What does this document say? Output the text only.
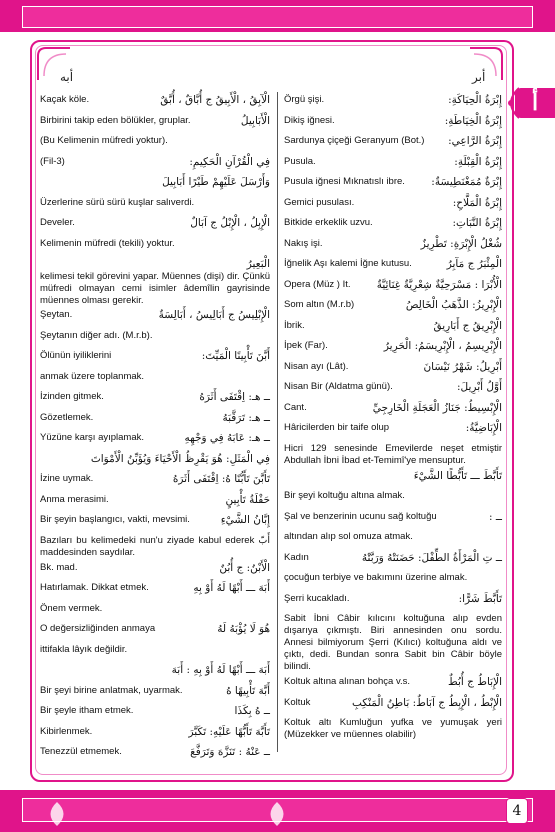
أبه	أبر
أ
Kaçak köle.	الْآبِقُ ، الْأَبِيقُ ج أُبَّاقٌ ، أُبَّقٌ
Birbirini takip eden bölükler, gruplar.	الْأَبَابِيلُ
(Bu Kelimenin müfredi yoktur).
(Fil-3)	فِي الْقُرْآنِ الْحَكِيمِ:
وَأَرْسَلَ عَلَيْهِمْ طَيْرًا أَبَابِيلَ
Üzerlerine sürü sürü kuşlar salıverdi.
Develer.	الْإِبِلُ ، الْإِبْلُ ج آبَالٌ
Kelimenin müfredi (tekili) yoktur.
الْبَعِيرُ
kelimesi tekil görevini yapar. Müennes (dişi) dir. Çünkü müfredi olmayan cemi isimler âdemîlin gayrisinde müennes olması gerekir.
Şeytan.	الْإِبْلِيسُ ج أَبَالِيسُ ، أَبَالِسَةٌ
Şeytanın diğer adı. (M.r.b).
Ölünün iyiliklerini	أَبَّنَ تَأْبِينًا الْمَيِّتَ:
anmak üzere toplanmak.
İzinden gitmek.	ــ هـ: اِقْتَفَى أَثَرَهُ
Gözetlemek.	ــ هـ: تَرَقَّبَهُ
Yüzüne karşı ayıplamak.	ــ هـ: عَابَهُ فِي وَجْهِهِ
فِي الْمَثَلِ: هُوَ يَقْرِظُ الْأَحْيَاءَ وَيُؤَبِّنُ الْأَمْوَاتَ
İzine uymak.	تَأَبَّنَ تَأَبُّنًا هُ: اِقْتَفَى أَثَرَهُ
Anma merasimi.	حَفْلَةُ تَأْبِينٍ
Bir şeyin başlangıcı, vakti, mevsimi.	إِبَّانُ الشَّيْءِ
Bazıları bu kelimedeki nun'u ziyade kabul ederek أَبّ maddesinden saydılar.
Bk. mad.	الْأَبْنُ: ج أُبُنٌ
Hatırlamak. Dikkat etmek.	أَبَهَ ـــ أَبْهًا لَهُ أَوْ بِهِ
Önem vermek.
O değersizliğinden anmaya	هُوَ لَا يُؤْبَهُ لَهُ
ittifakla lâyık değildir.
أَبَهَ ـــ أَبْهًا لَهُ أَوْ بِهِ : أَبَهَ
Bir şeyi birine anlatmak, uyarmak.	أَبَّهَ تَأْبِيهًا هُ
Bir şeyle itham etmek.	ــ هُ بِكَذَا
Kibirlenmek.	تَأَبَّهَ تَأَبُّهًا عَلَيْهِ: تَكَبَّرَ
Tenezzül etmemek.	ــ عَنْهُ : تَنَزَّهَ وَتَرَفَّعَ
Örgü şişi.	إِبْرَةُ الْحِيَاكَةِ:
Dikiş iğnesi.	إِبْرَةُ الْخِيَاطَةِ:
Sardunya çiçeği Geranyum (Bot.) إِبْرَةُ الرَّاعِي:
Pusula.	إِبْرَةُ الْقِبْلَةِ:
Pusula iğnesi Mıknatıslı ibre.	إِبْرَةٌ مُمَغْنَطِيسَةٌ:
Gemici pusulası.	إِبْرَةُ الْمَلَّاحِ:
Bitkide erkeklik uzvu.	إِبْرَةُ النَّبَاتِ:
Nakış işi.	شُغْلُ الْإِبْرَةِ: تَطْرِيزٌ
İğnelik Aşı kalemi İğne kutusu.	الْمِئْبَرُ ج مَآبِرُ
Opera (Müz ) It. الْأُبْرَا : مَسْرَحِيَّةٌ شِعْرِيَّةٌ غِنَائِيَّةٌ
Som altın (M.r.b)	الْإِبْرِيزُ: الذَّهَبُ الْخَالِصُ
İbrik.	الْإِبْرِيقُ ج أَبَارِيقُ
İpek (Far).	الْإِبْرِيسِمُ ، الْإِبْرِيسَمُ: الْحَرِيرُ
Nisan ayı (Lât).	أَبْرِيلُ: شَهْرُ نَيْسَانَ
Nisan Bir (Aldatma günü).	أَوَّلُ أَبْرِيلَ:
Cant.	الْإِبْسِيطُ: جَنَازُ الْعَجَلَةِ الْخَارِجِيِّ
Hâricilerden bir taife olup	الْإِبَاضِيَّةُ:
Hicri 129 senesinde Emevilerde neşet etmiştir Abdullah İbni İbad et-Temimî'ye mensuptur.
تَأَبَّطَ ـــ تَأَبُّطًا الشَّيْءَ
Bir şeyi koltuğu altına almak.
Şal ve benzerinin ucunu sağ koltuğu	ــ :
altından alıp sol omuza atmak.
Kadın	ــ تِ الْمَرْأَةُ الطِّفْلَ: حَضَنَتْهُ وَرَبَّتْهُ
çocuğun terbiye ve bakımını üzerine almak.
Şerri kucakladı.	تَأَبَّطَ شَرًّا:
Sabit İbni Câbir kılıcını koltuğuna alıp evden dışarıya çıkmıştı. Biri annesinden onu sordu. Annesi bilmiyorum Şerri (Kılıcı) koltuğuna aldı ve çıktı, dedi. Bundan sonra Sabit bin Câbir böyle bilindi.
Koltuk altına alınan bohça v.s.	الْإِبَاطُ ج أُبُطٌ
Koltuk	الْإِبْطُ ، الْإِبِطُ ج آبَاطٌ: بَاطِنُ الْمَنْكِبِ
Koltuk altı Kumluğun yufka ve yumuşak yeri (Müzekker ve müennes olabilir)
4
